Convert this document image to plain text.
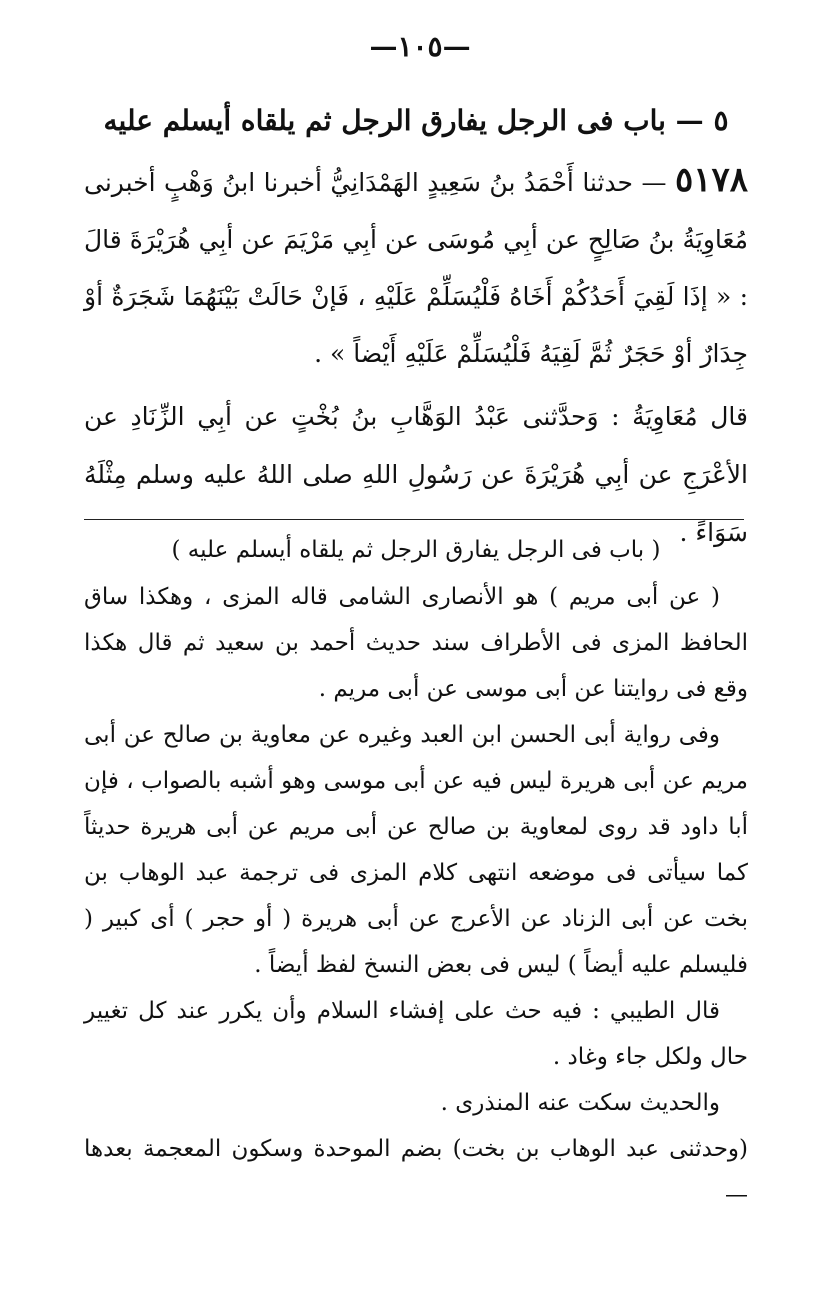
—١٠٥—

٥ — باب فى الرجل يفارق الرجل ثم يلقاه أيسلم عليه

٥١٧٨ — حدثنا أَحْمَدُ بنُ سَعِيدٍ الهَمْدَانِيُّ أخبرنا ابنُ وَهْبٍ أخبرنى مُعَاوِيَةُ بنُ صَالِحٍ عن أبِي مُوسَى عن أبِي مَرْيَمَ عن أبِي هُرَيْرَةَ قالَ : « إذَا لَقِيَ أَحَدُكُمْ أَخَاهُ فَلْيُسَلِّمْ عَلَيْهِ ، فَإنْ حَالَتْ بَيْنَهُمَا شَجَرَةٌ أوْ جِدَارٌ أوْ حَجَرٌ ثُمَّ لَقِيَهُ فَلْيُسَلِّمْ عَلَيْهِ أَيْضاً » .

قال مُعَاوِيَةُ : وَحدَّثنى عَبْدُ الوَهَّابِ بنُ بُخْتٍ عن أبِي الزِّنَادِ عن الأعْرَجِ عن أبِي هُرَيْرَةَ عن رَسُولِ اللهِ صلى اللهُ عليه وسلم مِثْلَهُ سَوَاءً .

( باب فى الرجل يفارق الرجل ثم يلقاه أيسلم عليه )

( عن أبى مريم ) هو الأنصارى الشامى قاله المزى ، وهكذا ساق الحافظ المزى فى الأطراف سند حديث أحمد بن سعيد ثم قال هكذا وقع فى روايتنا عن أبى موسى عن أبى مريم .

وفى رواية أبى الحسن ابن العبد وغيره عن معاوية بن صالح عن أبى مريم عن أبى هريرة ليس فيه عن أبى موسى وهو أشبه بالصواب ، فإن أبا داود قد روى لمعاوية بن صالح عن أبى مريم عن أبى هريرة حديثاً كما سيأتى فى موضعه انتهى كلام المزى فى ترجمة عبد الوهاب بن بخت عن أبى الزناد عن الأعرج عن أبى هريرة ( أو حجر ) أى كبير ( فليسلم عليه أيضاً ) ليس فى بعض النسخ لفظ أيضاً .

قال الطيبي : فيه حث على إفشاء السلام وأن يكرر عند كل تغيير حال ولكل جاء وغاد .

والحديث سكت عنه المنذرى .

(وحدثنى عبد الوهاب بن بخت) بضم الموحدة وسكون المعجمة بعدها —
